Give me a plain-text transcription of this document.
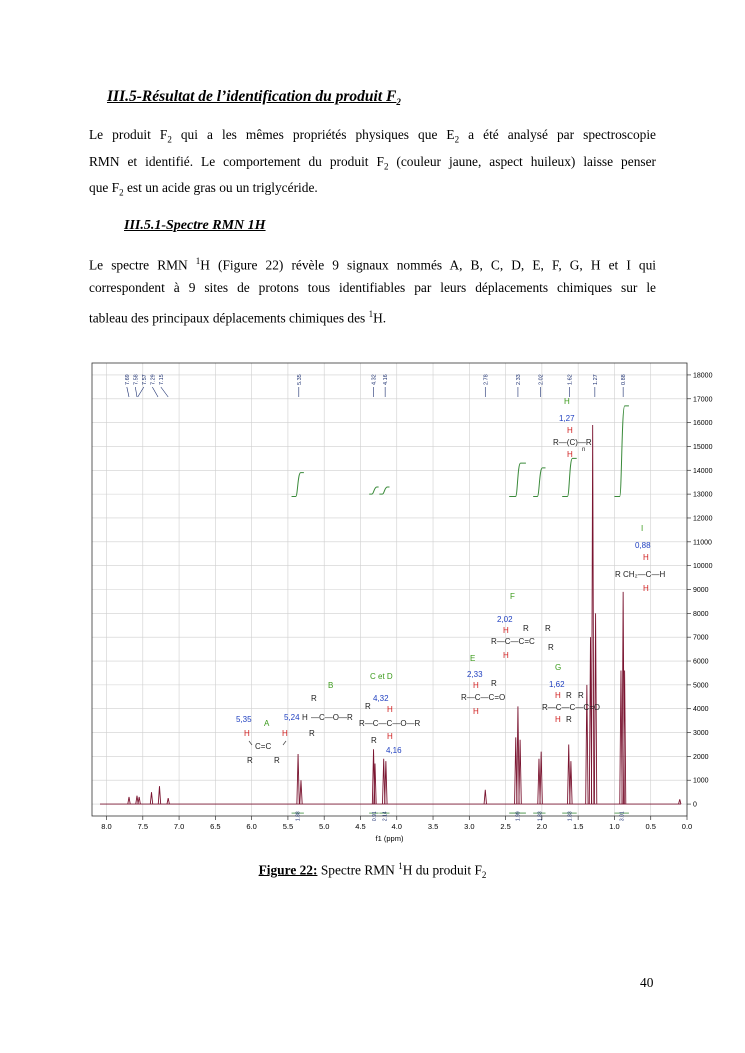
III.5-Résultat de l’identification du produit $F_2$
Le produit $F_2$ qui a les mêmes propriétés physiques que $E_2$ a été analysé par spectroscopie
RMN et identifié. Le comportement du produit $F_2$ (couleur jaune, aspect huileux) laisse penser
que $F_2$ est un acide gras ou un triglycéride.
III.5.1-Spectre RMN 1H
Le spectre RMN $^1$H (Figure 22) révèle 9 signaux nommés A, B, C, D, E, F, G, H et I qui
correspondent à 9 sites de protons tous identifiables par leurs déplacements chimiques sur le
tableau des principaux déplacements chimiques des $^1$H.
7.69 7.58 7.57 7.29 7.15	5.35	4.32 4.16	2.78	2.33	2.02	1.62	1.27	0.88
1.88	0.91 2.14	1.99	1.83	1.83	3.01
8.0	7.5	7.0	6.5	6.0	5.5	5.0	4.5	4.0	3.5	3.0	2.5	2.0	1.5	1.0	0.5	0.0
f1 (ppm)
0
1000
2000
3000
4000
5000
6000
7000
8000
9000
10000
11000
12000
13000
14000
15000
16000
17000
18000
5,35 A
H	H
C=C
R	R
B
R
5,24 H —C—O—R
R
C et D
4,32
R H
R—C—C—O—R
R H
4,16
E
2,33
H R
R—C—C=O
H
F
2,02
H R R
R—C—C=C
R
H
G
1,62
H R R
R—C—C—C=O
H R
H
1,27
H
R—(C)—R
H n
I
0,88
H
R CH₂—C—H
H
Figure 22: Spectre RMN $^1$H du produit $F_2$
40
